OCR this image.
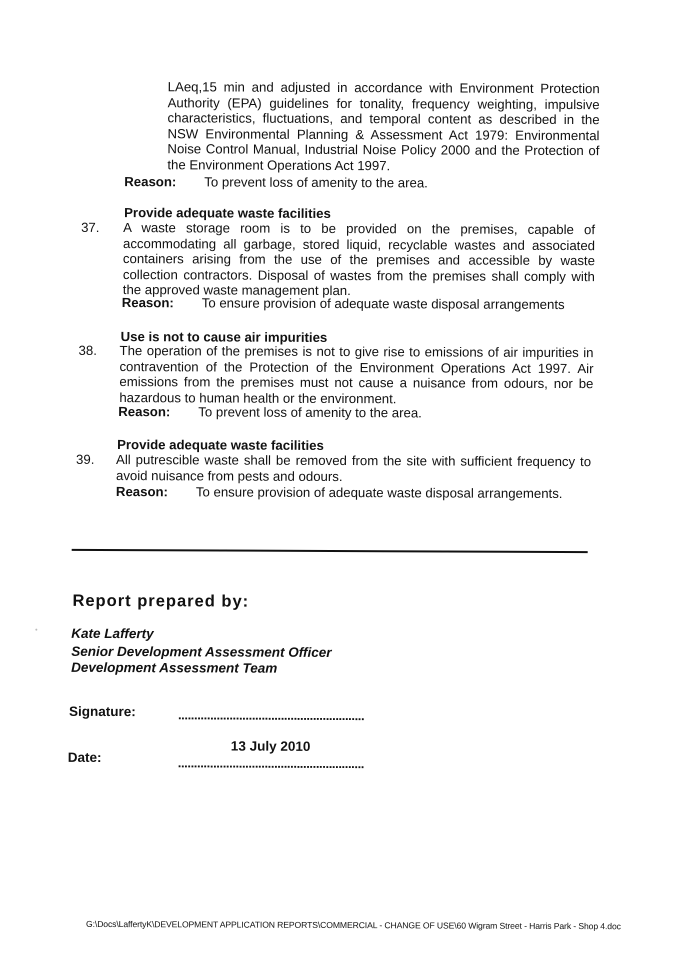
LAeq,15 min and adjusted in accordance with Environment Protection Authority (EPA) guidelines for tonality, frequency weighting, impulsive characteristics, fluctuations, and temporal content as described in the NSW Environmental Planning & Assessment Act 1979: Environmental Noise Control Manual, Industrial Noise Policy 2000 and the Protection of the Environment Operations Act 1997.
Reason: To prevent loss of amenity to the area.
Provide adequate waste facilities
37. A waste storage room is to be provided on the premises, capable of accommodating all garbage, stored liquid, recyclable wastes and associated containers arising from the use of the premises and accessible by waste collection contractors. Disposal of wastes from the premises shall comply with the approved waste management plan.
Reason: To ensure provision of adequate waste disposal arrangements
Use is not to cause air impurities
38. The operation of the premises is not to give rise to emissions of air impurities in contravention of the Protection of the Environment Operations Act 1997. Air emissions from the premises must not cause a nuisance from odours, nor be hazardous to human health or the environment.
Reason: To prevent loss of amenity to the area.
Provide adequate waste facilities
39. All putrescible waste shall be removed from the site with sufficient frequency to avoid nuisance from pests and odours.
Reason: To ensure provision of adequate waste disposal arrangements.
Report prepared by:
Kate Lafferty
Senior Development Assessment Officer
Development Assessment Team
Signature:	..........................................................
13 July 2010
Date:	..........................................................
G:\Docs\LaffertyK\DEVELOPMENT APPLICATION REPORTS\COMMERCIAL - CHANGE OF USE\60 Wigram Street - Harris Park - Shop 4.doc
